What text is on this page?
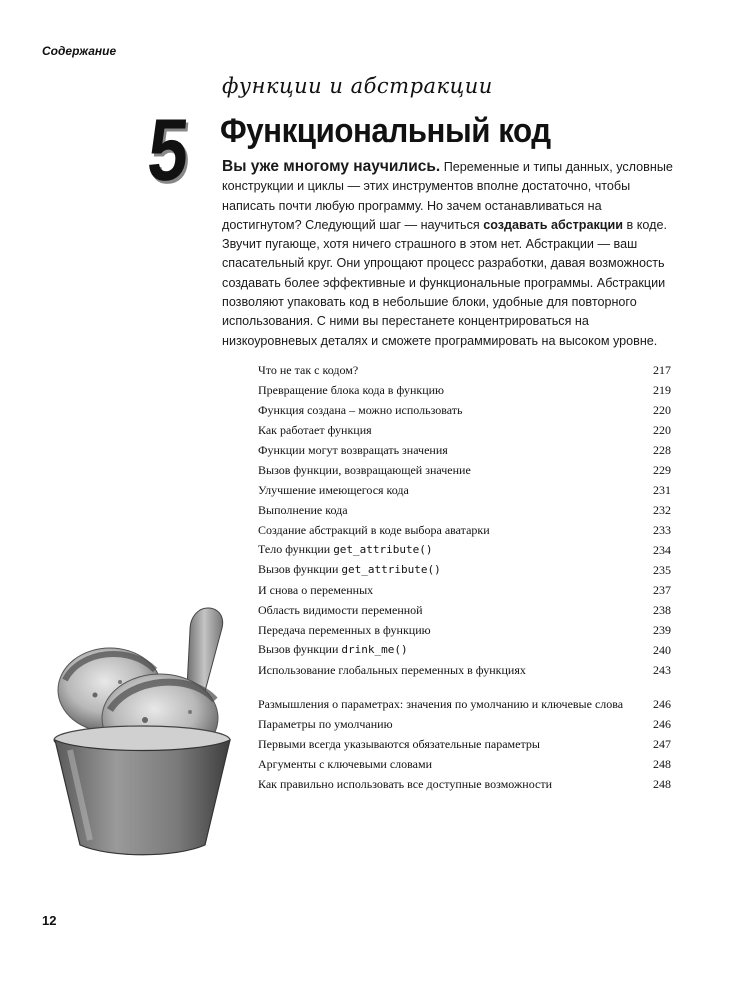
Содержание
функции и абстракции
5 Функциональный код
Вы уже многому научились. Переменные и типы данных, условные конструкции и циклы — этих инструментов вполне достаточно, чтобы написать почти любую программу. Но зачем останавливаться на достигнутом? Следующий шаг — научиться создавать абстракции в коде. Звучит пугающе, хотя ничего страшного в этом нет. Абстракции — ваш спасательный круг. Они упрощают процесс разработки, давая возможность создавать более эффективные и функциональные программы. Абстракции позволяют упаковать код в небольшие блоки, удобные для повторного использования. С ними вы перестанете концентрироваться на низкоуровневых деталях и сможете программировать на высоком уровне.
Что не так с кодом?	217
Превращение блока кода в функцию	219
Функция создана – можно использовать	220
Как работает функция	220
Функции могут возвращать значения	228
Вызов функции, возвращающей значение	229
Улучшение имеющегося кода	231
Выполнение кода	232
Создание абстракций в коде выбора аватарки	233
Тело функции get_attribute()	234
Вызов функции get_attribute()	235
И снова о переменных	237
Область видимости переменной	238
Передача переменных в функцию	239
Вызов функции drink_me()	240
Использование глобальных переменных в функциях	243
Размышления о параметрах: значения по умолчанию и ключевые слова	246
Параметры по умолчанию	246
Первыми всегда указываются обязательные параметры	247
Аргументы с ключевыми словами	248
Как правильно использовать все доступные возможности	248
12
